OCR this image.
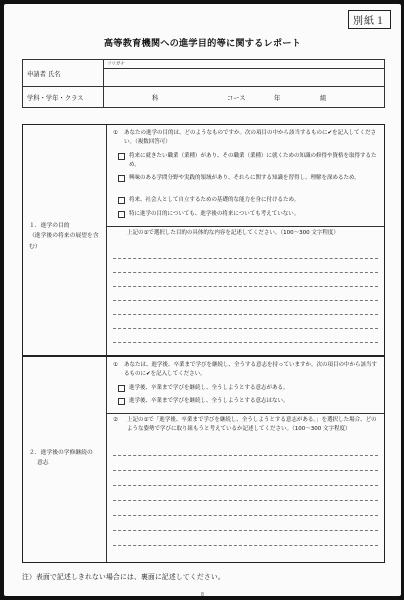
別紙１
高等教育機関への進学目的等に関するレポート
申請者 氏名	フリガナ

学科・学年・クラス	科 コース 年 組
１．進学の目的
（進学後の将来の展望を含む）
① あなたの進学の目的は、どのようなものですか。次の項目の中から該当するものに✔を記入してください。（複数回答可）
将来に就きたい職業（業種）があり、その職業（業種）に就くための知識の修得や資格を取得するため。
興味のある学問分野や実践的領域があり、それらに関する知識を習得し、理解を深めるため。
将来、社会人として自立するための基礎的な能力を身に付けるため。
特に進学の目的についても、進学後の将来についても考えていない。
上記の①で選択した目的の具体的な内容を記述してください。（100〜300 文字程度）
２．進学後の学修継続の
意志
① あなたは、進学後、卒業まで学びを継続し、全うする意志を持っていますか。次の項目の中から該当するものに✔を記入してください。
進学後、卒業まで学びを継続し、全うしようとする意志がある。
進学後、卒業まで学びを継続し、全うしようとする意志はない。
② 上記の①で「進学後、卒業まで学びを継続し、全うしようとする意志がある。」を選択した場合、どのような姿勢で学びに取り組もうと考えているか記述してください。（100〜300 文字程度）
注）表面で記述しきれない場合には、裏面に記述してください。
8
